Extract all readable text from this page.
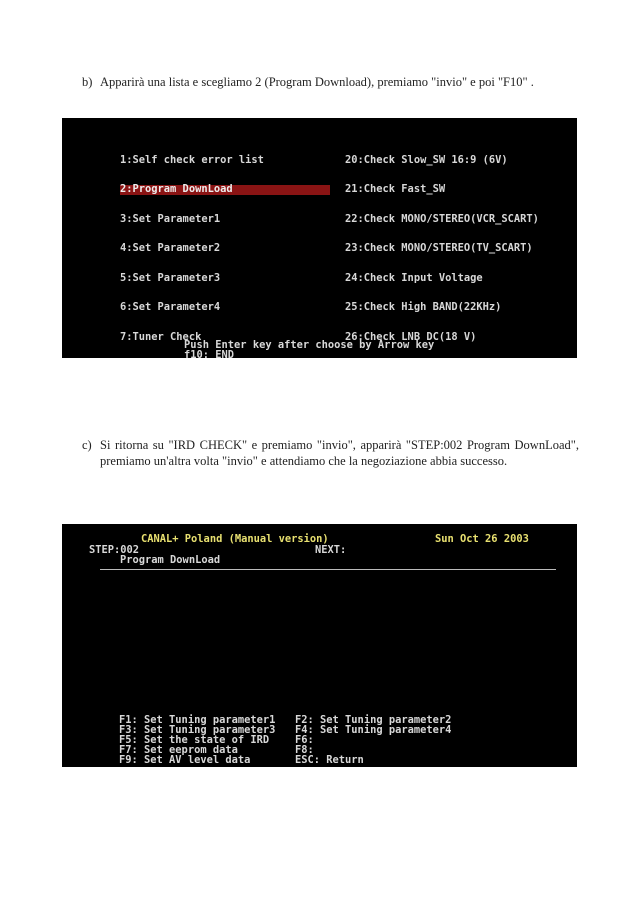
b) Apparirà una lista e scegliamo 2 (Program Download), premiamo "invio" e poi "F10" .

1:Self check error list

2:Program DownLoad

3:Set Parameter1

4:Set Parameter2

5:Set Parameter3

6:Set Parameter4

7:Tuner Check

20:Check Slow_SW 16:9 (6V)

21:Check Fast_SW

22:Check MONO/STEREO(VCR_SCART)

23:Check MONO/STEREO(TV_SCART)

24:Check Input Voltage

25:Check High BAND(22KHz)

26:Check LNB DC(18 V)

Push Enter key after choose by Arrow key
f10: END
c) Si ritorna su "IRD CHECK" e premiamo "invio", apparirà "STEP:002 Program DownLoad", premiamo un'altra volta "invio" e attendiamo che la negoziazione abbia successo.
CANAL+ Poland (Manual version)	Sun Oct 26 2003
STEP:002	NEXT:
Program DownLoad
F1: Set Tuning parameter1
F3: Set Tuning parameter3
F5: Set the state of IRD
F7: Set eeprom data
F9: Set AV level data
F2: Set Tuning parameter2
F4: Set Tuning parameter4
F6:
F8:
ESC: Return
